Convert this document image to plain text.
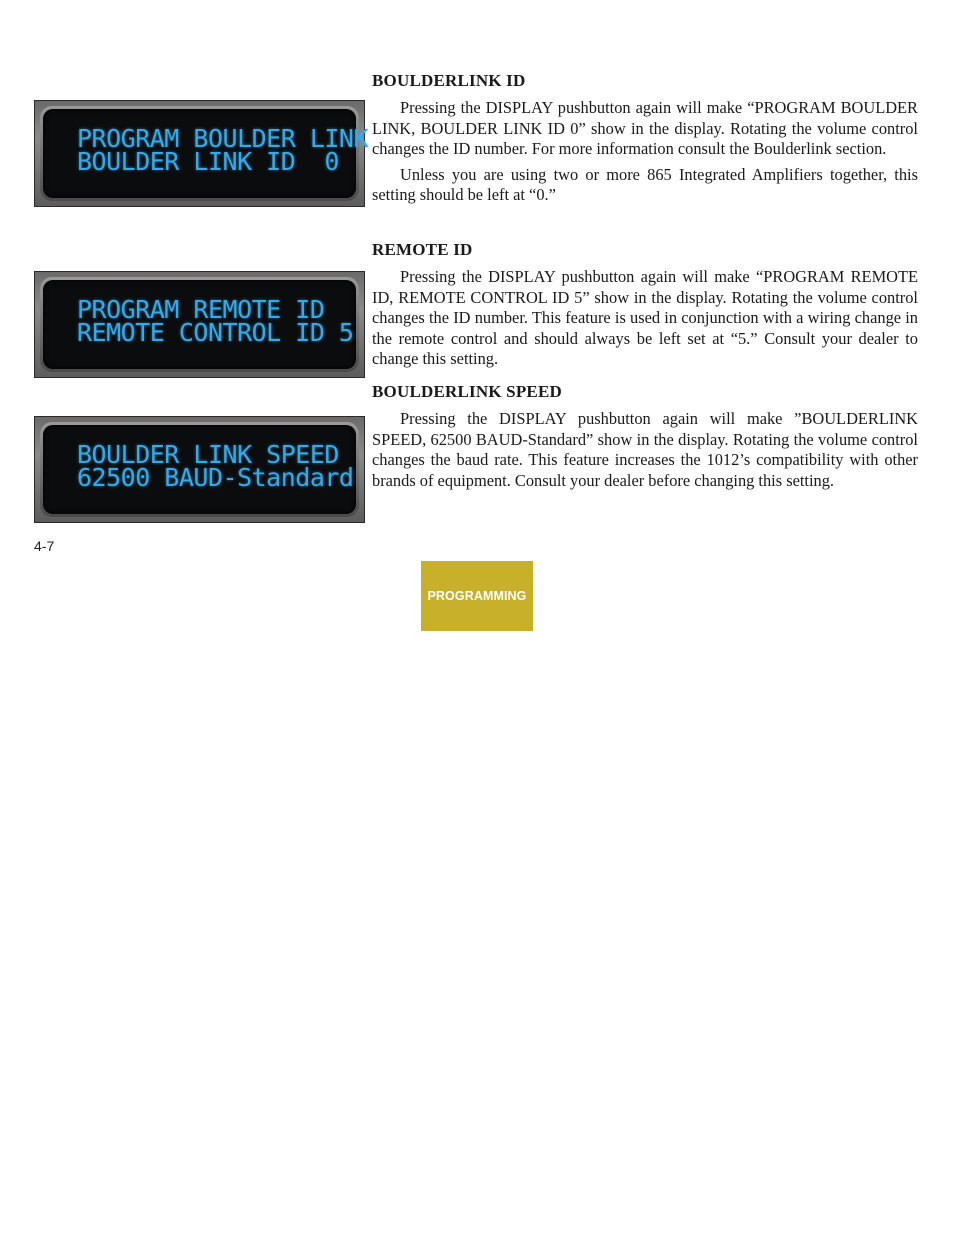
PROGRAM BOULDER LINK
BOULDER LINK ID  0
PROGRAM REMOTE ID
REMOTE CONTROL ID 5
BOULDER LINK SPEED
62500 BAUD-Standard
BOULDERLINK ID

Pressing the DISPLAY pushbutton again will make “PROGRAM BOULDER LINK, BOULDER LINK ID 0” show in the display. Rotating the volume control changes the ID number. For more information consult the Boulderlink section.

Unless you are using two or more 865 Integrated Amplifiers together, this setting should be left at “0.”

REMOTE ID

Pressing the DISPLAY pushbutton again will make “PROGRAM REMOTE ID, REMOTE CONTROL ID 5” show in the display. Rotating the volume control changes the ID number. This feature is used in conjunction with a wiring change in the remote control and should always be left set at “5.” Consult your dealer to change this setting.

BOULDERLINK SPEED

Pressing the DISPLAY pushbutton again will make ”BOULDERLINK SPEED, 62500 BAUD-Standard” show in the display. Rotating the volume control changes the baud rate. This feature increases the 1012’s compatibility with other brands of equipment. Consult your dealer before changing this setting.

4-7
PROGRAMMING
